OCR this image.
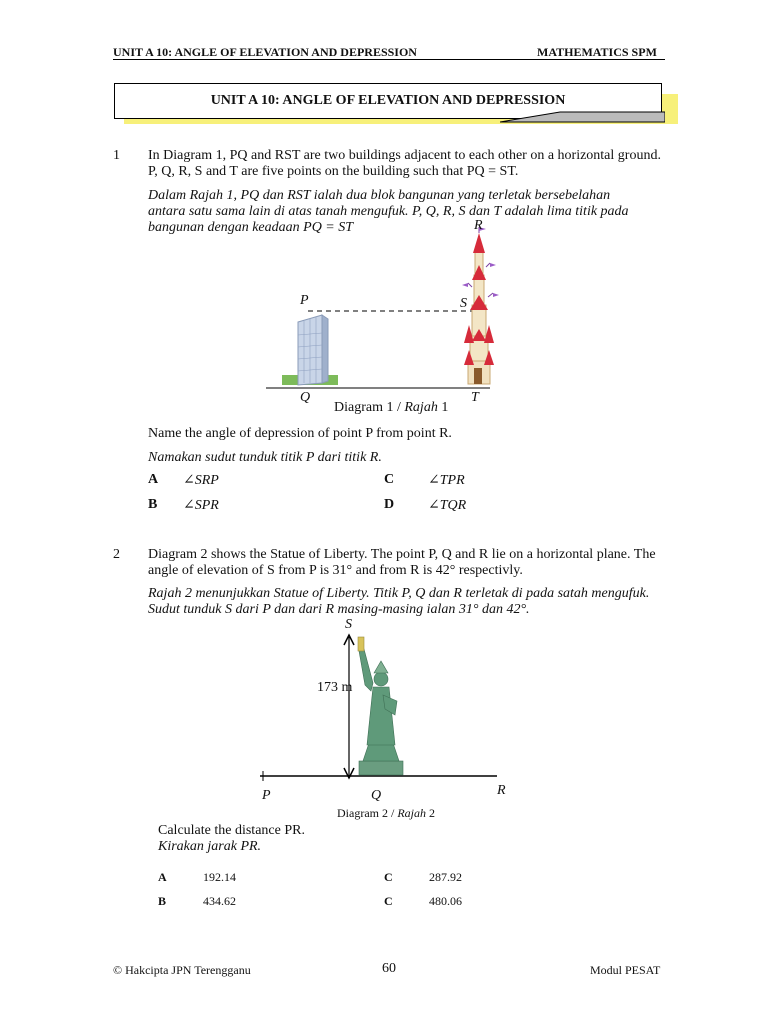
UNIT A 10: ANGLE OF ELEVATION AND DEPRESSION	MATHEMATICS SPM
UNIT A 10: ANGLE OF ELEVATION AND DEPRESSION
1 In Diagram 1, PQ and RST are two buildings adjacent to each other on a horizontal ground.
P, Q, R, S and T are five points on the building such that PQ = ST.
Dalam Rajah 1, PQ dan RST ialah dua blok bangunan yang terletak bersebelahan
antara satu sama lain di atas tanah mengufuk. P, Q, R, S dan T adalah lima titik pada
bangunan dengan keadaan PQ = ST	R
P	S
Q	T
Diagram 1 / Rajah 1
Name the angle of depression of point P from point R.
Namakan sudut tunduk titik P dari titik R.
A ∠SRP
B ∠SPR
C ∠TPR
D ∠TQR
2 Diagram 2 shows the Statue of Liberty. The point P, Q and R lie on a horizontal plane. The
angle of elevation of S from P is 31° and from R is 42° respectivly.
Rajah 2 menunjukkan Statue of Liberty. Titik P, Q dan R terletak di pada satah mengufuk.
Sudut tunduk S dari P dan dari R masing-masing ialan 31° dan 42°.
S
173 m
P	Q	R
Diagram 2 / Rajah 2
Calculate the distance PR.
Kirakan jarak PR.
A	192.14
B	434.62
C	287.92
C	480.06
© Hakcipta JPN Terengganu	60	Modul PESAT
